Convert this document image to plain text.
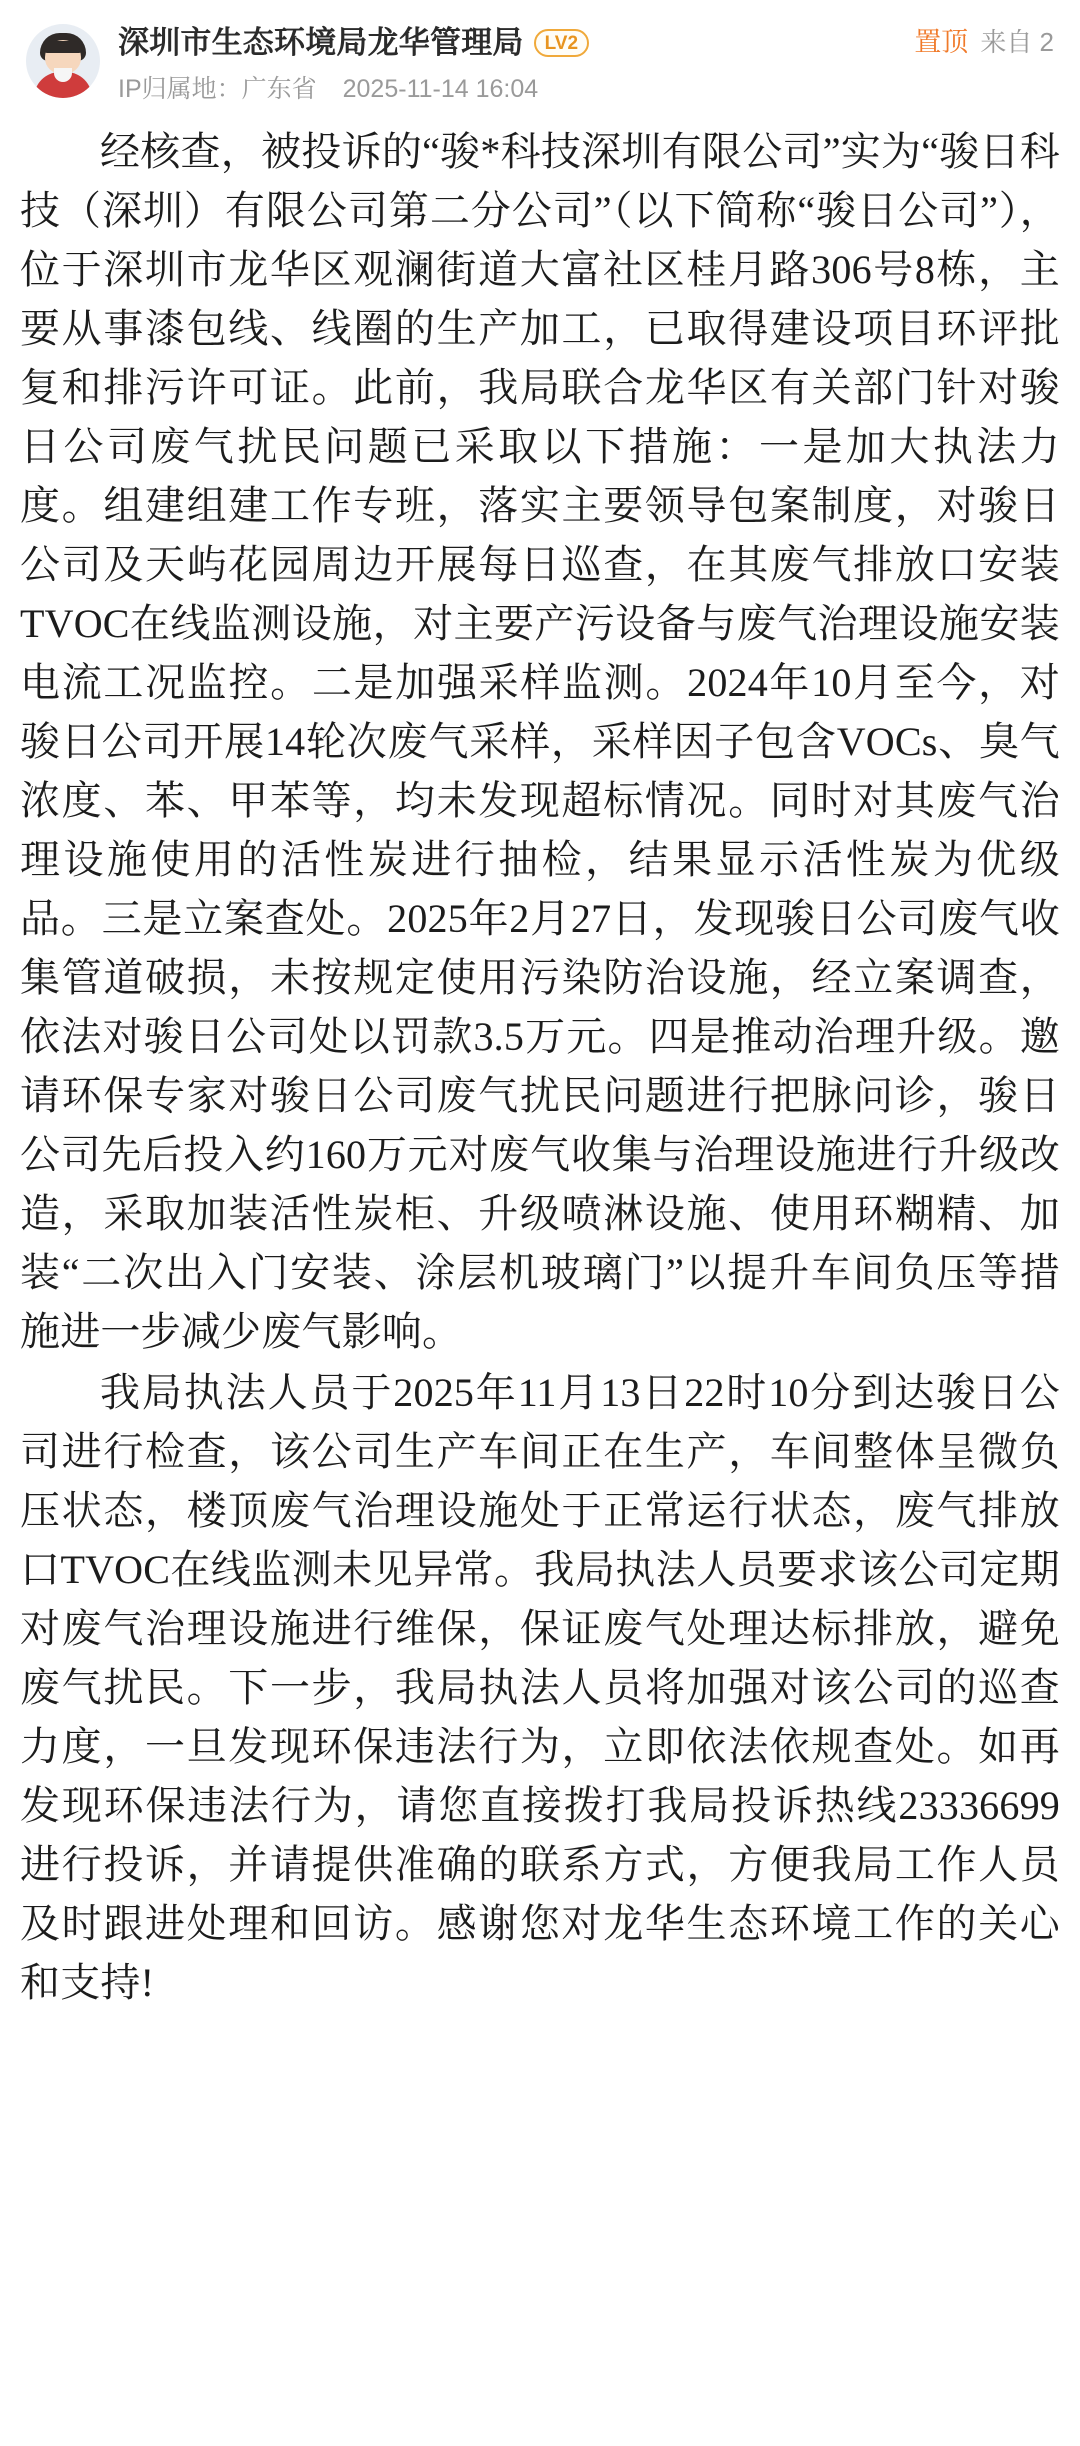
深圳市生态环境局龙华管理局	LV2
IP归属地：广东省 2025-11-14 16:04
置顶 来自 2

经核查，被投诉的“骏*科技深圳有限公司”实为“骏日科技（深圳）有限公司第二分公司”（以下简称“骏日公司”），位于深圳市龙华区观澜街道大富社区桂月路306号8栋，主要从事漆包线、线圈的生产加工，已取得建设项目环评批复和排污许可证。此前，我局联合龙华区有关部门针对骏日公司废气扰民问题已采取以下措施：一是加大执法力度。组建组建工作专班，落实主要领导包案制度，对骏日公司及天屿花园周边开展每日巡查，在其废气排放口安装TVOC在线监测设施，对主要产污设备与废气治理设施安装电流工况监控。二是加强采样监测。2024年10月至今，对骏日公司开展14轮次废气采样，采样因子包含VOCs、臭气浓度、苯、甲苯等，均未发现超标情况。同时对其废气治理设施使用的活性炭进行抽检，结果显示活性炭为优级品。三是立案查处。2025年2月27日，发现骏日公司废气收集管道破损，未按规定使用污染防治设施，经立案调查，依法对骏日公司处以罚款3.5万元。四是推动治理升级。邀请环保专家对骏日公司废气扰民问题进行把脉问诊，骏日公司先后投入约160万元对废气收集与治理设施进行升级改造，采取加装活性炭柜、升级喷淋设施、使用环糊精、加装“二次出入门安装、涂层机玻璃门”以提升车间负压等措施进一步减少废气影响。

我局执法人员于2025年11月13日22时10分到达骏日公司进行检查，该公司生产车间正在生产，车间整体呈微负压状态，楼顶废气治理设施处于正常运行状态，废气排放口TVOC在线监测未见异常。我局执法人员要求该公司定期对废气治理设施进行维保，保证废气处理达标排放，避免废气扰民。下一步，我局执法人员将加强对该公司的巡查力度，一旦发现环保违法行为，立即依法依规查处。如再发现环保违法行为，请您直接拨打我局投诉热线23336699进行投诉，并请提供准确的联系方式，方便我局工作人员及时跟进处理和回访。感谢您对龙华生态环境工作的关心和支持!
